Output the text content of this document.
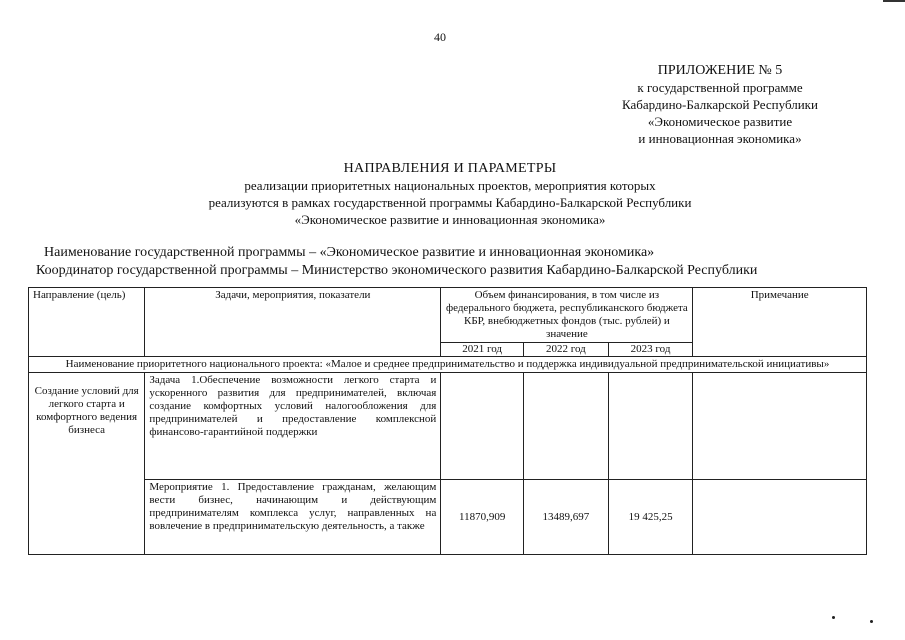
40
ПРИЛОЖЕНИЕ № 5
к государственной программе
Кабардино-Балкарской Республики
«Экономическое развитие
и инновационная экономика»
НАПРАВЛЕНИЯ И ПАРАМЕТРЫ
реализации приоритетных национальных проектов, мероприятия которых
реализуются в рамках государственной программы Кабардино-Балкарской Республики
«Экономическое развитие и инновационная экономика»
Наименование государственной программы – «Экономическое развитие и инновационная экономика»
Координатор государственной программы – Министерство экономического развития Кабардино-Балкарской Республики
Направление (цель)	Задачи, мероприятия, показатели	Объем финансирования, в том числе из федерального бюджета, республиканского бюджета КБР, внебюджетных фондов (тыс. рублей) и значение			Примечание
		2021 год	2022 год	2023 год	
Наименование приоритетного национального проекта: «Малое и среднее предпринимательство и поддержка индивидуальной предпринимательской инициативы»					
Создание условий для легкого старта и комфортного ведения бизнеса	Задача 1.Обеспечение возможности легкого старта и ускоренного развития для предпринимателей, включая создание комфортных условий налогообложения для предпринимателей и предоставление комплексной финансово-гарантийной поддержки				
	Мероприятие 1. Предоставление гражданам, желающим вести бизнес, начинающим и действующим предпринимателям комплекса услуг, направленных на вовлечение в предпринимательскую деятельность, а также	11870,909	13489,697	19 425,25	
